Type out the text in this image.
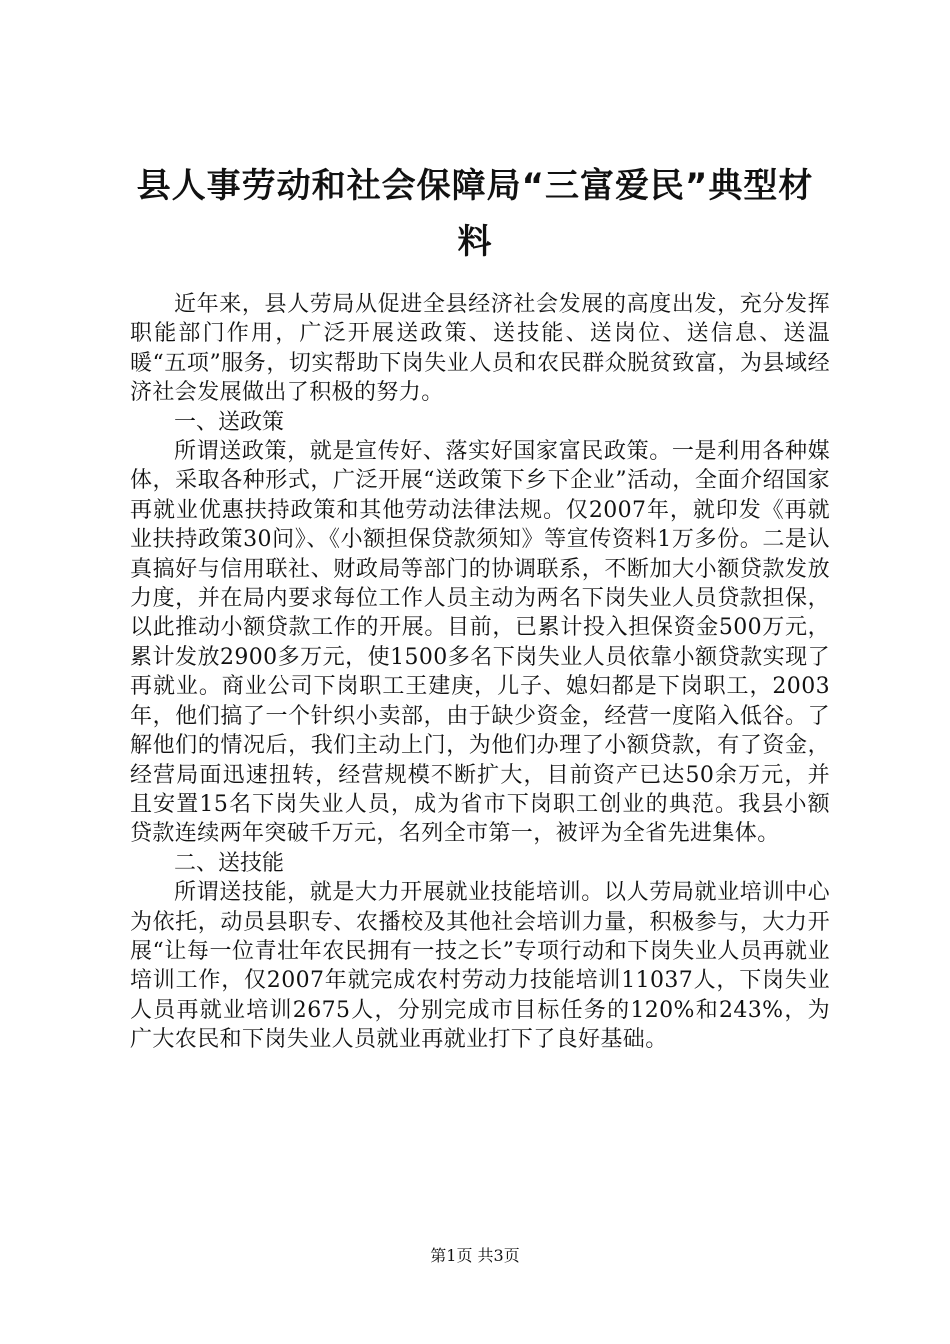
县人事劳动和社会保障局“三富爱民”典型材料

近年来，县人劳局从促进全县经济社会发展的高度出发，充分发挥职能部门作用，广泛开展送政策、送技能、送岗位、送信息、送温暖“五项”服务，切实帮助下岗失业人员和农民群众脱贫致富，为县域经济社会发展做出了积极的努力。

一、送政策

所谓送政策，就是宣传好、落实好国家富民政策。一是利用各种媒体，采取各种形式，广泛开展“送政策下乡下企业”活动，全面介绍国家再就业优惠扶持政策和其他劳动法律法规。仅2007年，就印发《再就业扶持政策30问》、《小额担保贷款须知》等宣传资料1万多份。二是认真搞好与信用联社、财政局等部门的协调联系，不断加大小额贷款发放力度，并在局内要求每位工作人员主动为两名下岗失业人员贷款担保，以此推动小额贷款工作的开展。目前，已累计投入担保资金500万元，累计发放2900多万元，使1500多名下岗失业人员依靠小额贷款实现了再就业。商业公司下岗职工王建庚，儿子、媳妇都是下岗职工，2003年，他们搞了一个针织小卖部，由于缺少资金，经营一度陷入低谷。了解他们的情况后，我们主动上门，为他们办理了小额贷款，有了资金，经营局面迅速扭转，经营规模不断扩大，目前资产已达50余万元，并且安置15名下岗失业人员，成为省市下岗职工创业的典范。我县小额贷款连续两年突破千万元，名列全市第一，被评为全省先进集体。

二、送技能

所谓送技能，就是大力开展就业技能培训。以人劳局就业培训中心为依托，动员县职专、农播校及其他社会培训力量，积极参与，大力开展“让每一位青壮年农民拥有一技之长”专项行动和下岗失业人员再就业培训工作，仅2007年就完成农村劳动力技能培训11037人，下岗失业人员再就业培训2675人，分别完成市目标任务的120%和243%，为广大农民和下岗失业人员就业再就业打下了良好基础。

第1页 共3页
